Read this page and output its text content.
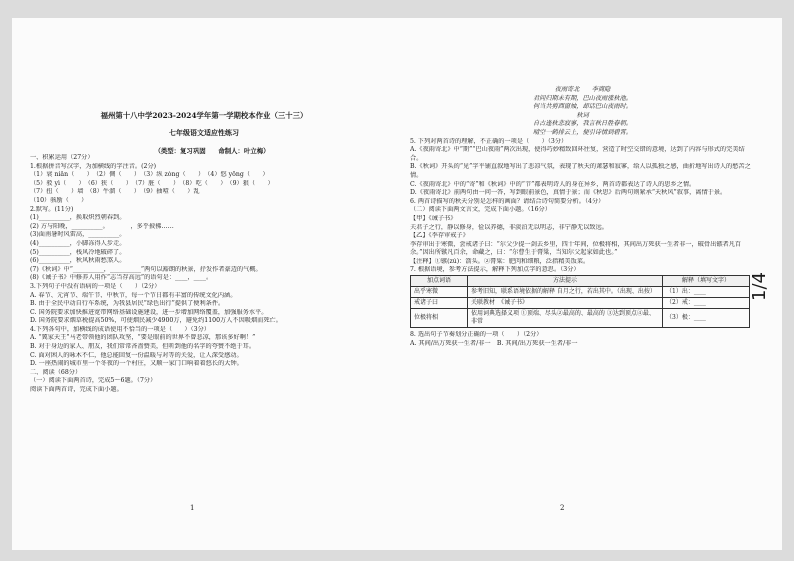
福州第十八中学2023-2024学年第一学期校本作业（三十三）
七年级语文适应性练习
（类型：复习巩固　　命制人：叶立梅）
一、积累运用（27分）
1.根据拼音写汉字，为加横线的字注音。(2分)
（1）衰 niǎn（　　）　（2）倜（　　）　（3）纵 zòng（　　）　（4）悠 yōng（　　）
（5）驳 yì（　　）　（6）狭（　　）　（7）脏（　　）　（8）吃（　　）　（9）狠（　　）
（7）扭（　　）墙　（8）牛溜（　　）　（9）抽噎（　　）乱
（10）骇励（　　）
2.默写。(11分)
(1)__________，换取炽烈朝春到。
(2) 方与阳晚，__________。　　　　，多乎披拂……
(3)面南暑时风雷高，__________。
(4)__________，小脚冻得人步走。
(5)__________，栈风冷地破碎了。
(6)__________，秋风秋雨愁煞人。
(7)《秋词》中“__________，__________”两句以豁朗的秋景，抒发作者豪迈的气概。
(8)《诫子书》中修养人用作“志当存高远”的语句是：____，____。
3.下列句子中没有语病的一项是（　　）（2分）
A. 春节、元宵节、端午节、中秋节，每一个节日都有丰富的传统文化内涵。
B. 由于全民中动自行车系统，为我县居民“绿色出行”提供了便利条件。
C. 国务院要求加快推进宽带网络基础设施建设，进一步增加网络覆盖，加强服务水平。
D. 国务院要求烟草税提高50%，可使烟民减少4900万，避免约1100万人不因吸烟而死亡。
4.下列各句中，加横线的成语使用不恰当的一项是（　　）（3分）
A. “冀家天王”马老带领他的团队攻坚，“要是眼前的世界不曾悲凉，那该多好啊！”
B. 对于身边的家人、朋友，我们常常吝啬赞美，但听到他的名字的夸赞不绝于耳。
C. 面对困人的咏木不仁，他总能回复一份温暖与对等的关爱，让人深受感动。
D. 一座热闹的城市里一个冬夜的一个村庄，又顺一家门口响着着悠长的大钟。
二、阅读（68分）
（一）阅读下面两首诗，完成5～6题。（7分）
阅读下面两首诗，完成下面小题。
夜雨寄北　　李商隐
君问归期未有期，巴山夜雨涨秋池。
何当共剪西窗烛，却话巴山夜雨时。
秋词
自古逢秋悲寂寥，我言秋日胜春朝。
晴空一鹤排云上，便引诗情到碧霄。
5. 下列对两首诗的理解，不正确的一项是（　　）（3分）
A.《夜雨寄北》中“期”“巴山夜雨”两次出现，使得巧妙精致回环往复，营造了时空交错的意境，达到了内容与形式的完美结合。
B.《秋词》开头的“见”字平铺直叙地写出了悲凉气氛，表现了秋天的萧瑟和寂寥，给人以孤独之感，曲折地写出诗人的愁苦之情。
C.《夜雨寄北》中的“寄”和《秋词》中的“节”都表明诗人的身在异乡，两首诗都表达了诗人的思乡之情。
D.《夜雨寄北》前两句由一问一答，写到眼前景色，真情于景；而《秋思》后两句则紧承“天秋风”叙事，离情于景。
6. 两首诗描写的秋天分别是怎样的画面？请结合诗句简要分析。（4分）
（二）阅读下面两文言文，完成下面小题。（16分）
【甲】《诫子书》
夫君子之行，静以修身，俭以养德，非淡泊无以明志，非宁静无以致远。
【乙】《李存审戒子》
李存审出于寒微，尝戒诸子曰：“尔父少提一剑去乡里，四十年间，位极将相，其间出万死获一生者非一，破骨出镞者凡百余。”因出所镞凡百余，命藏之，曰：“尔曹生于膏粱，当知尔父起家如此也。”
【注释】①镞(zú)：箭头。②膏粱：肥肉和细粮，泛指精美饭菜。
7. 根据语境，参考方法提示，解释下列加点字的意思。（3分）
加点词语	方法提示	解释（填写文字）
出乎寒微	参考旧知，联系语境依据的解释 自月之行，若出其中。（出现、出按）	（1）出：____
戒诸子曰	关联教材　《诫子书》	（2）戒：____
位极将相	依用词典选择义项 ①顶端、尽头②最高的、最高的 ③达到顶点④最、非常	（3）极：____
8. 选出句子节奏划分正确的一项（　　）（2分）
A. 其间/出万死获一生者/非一　B. 其间/出万死获一生者/非一
1	2
1/4
